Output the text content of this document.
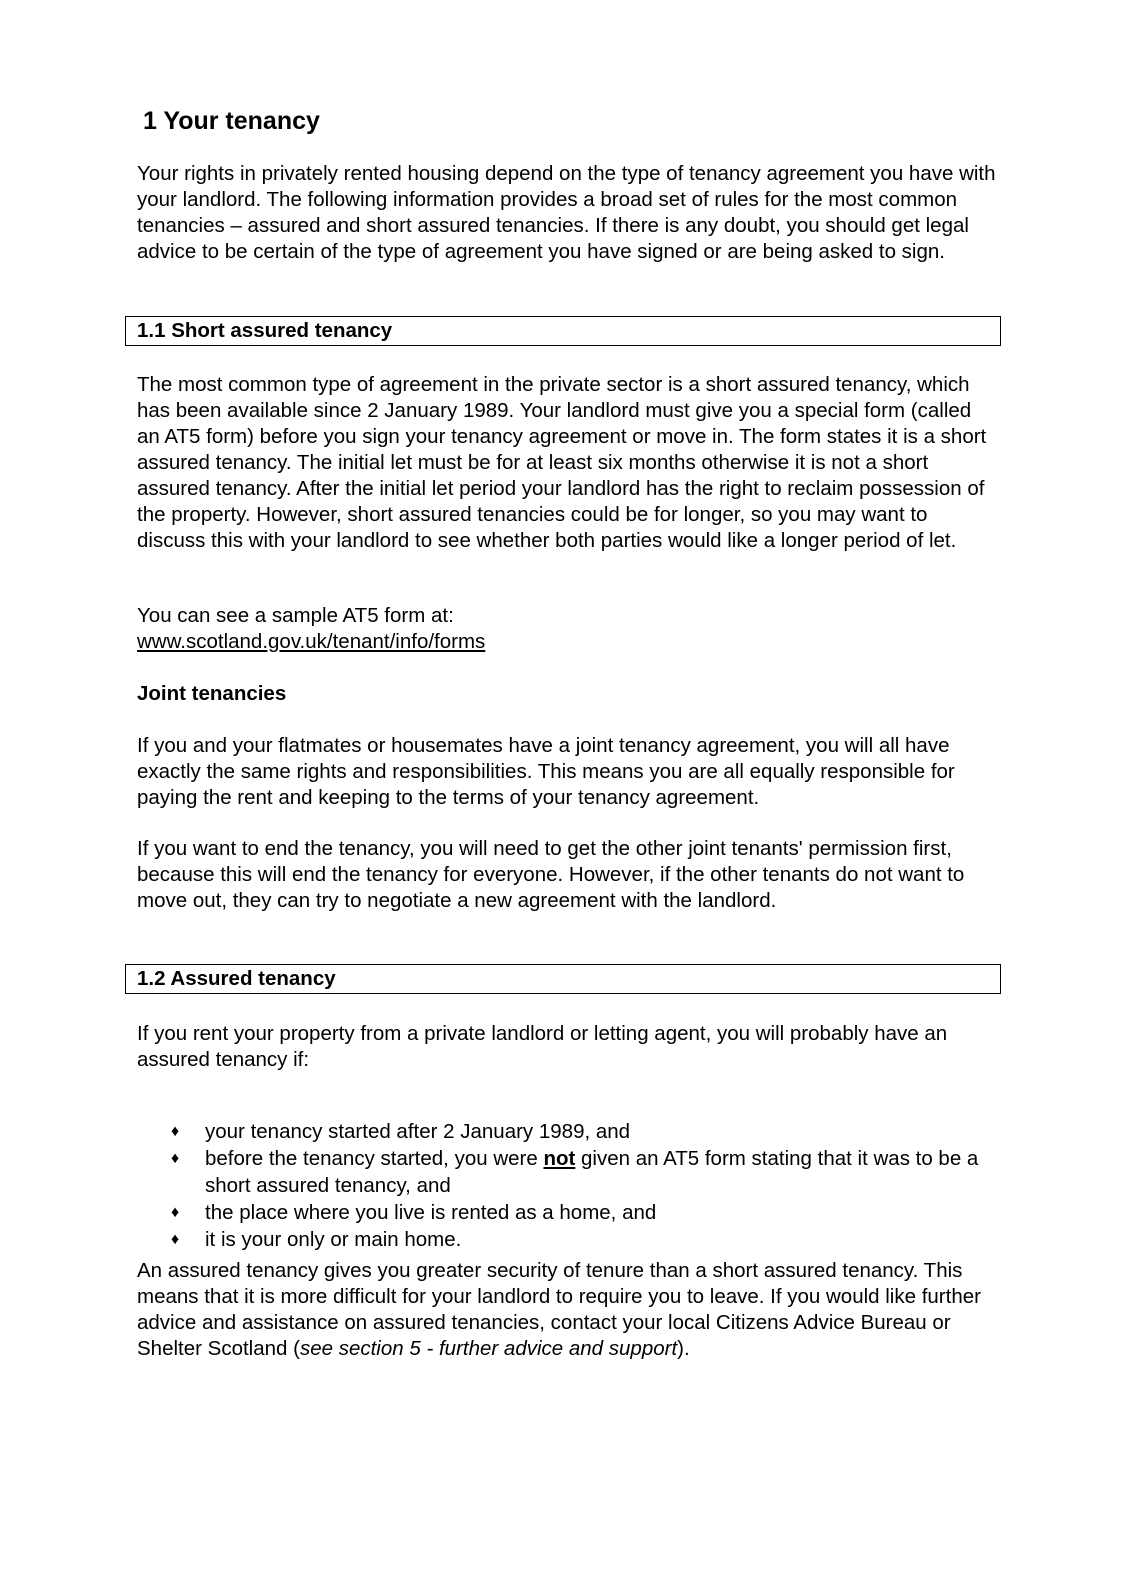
1 Your tenancy

Your rights in privately rented housing depend on the type of tenancy agreement you have with your landlord. The following information provides a broad set of rules for the most common tenancies – assured and short assured tenancies. If there is any doubt, you should get legal advice to be certain of the type of agreement you have signed or are being asked to sign.

1.1 Short assured tenancy

The most common type of agreement in the private sector is a short assured tenancy, which has been available since 2 January 1989. Your landlord must give you a special form (called an AT5 form) before you sign your tenancy agreement or move in. The form states it is a short assured tenancy. The initial let must be for at least six months otherwise it is not a short assured tenancy. After the initial let period your landlord has the right to reclaim possession of the property. However, short assured tenancies could be for longer, so you may want to discuss this with your landlord to see whether both parties would like a longer period of let.

You can see a sample AT5 form at:
www.scotland.gov.uk/tenant/info/forms

Joint tenancies

If you and your flatmates or housemates have a joint tenancy agreement, you will all have exactly the same rights and responsibilities. This means you are all equally responsible for paying the rent and keeping to the terms of your tenancy agreement.

If you want to end the tenancy, you will need to get the other joint tenants' permission first, because this will end the tenancy for everyone. However, if the other tenants do not want to move out, they can try to negotiate a new agreement with the landlord.

1.2 Assured tenancy

If you rent your property from a private landlord or letting agent, you will probably have an assured tenancy if:

♦ your tenancy started after 2 January 1989, and
♦ before the tenancy started, you were not given an AT5 form stating that it was to be a short assured tenancy, and
♦ the place where you live is rented as a home, and
♦ it is your only or main home.

An assured tenancy gives you greater security of tenure than a short assured tenancy. This means that it is more difficult for your landlord to require you to leave. If you would like further advice and assistance on assured tenancies, contact your local Citizens Advice Bureau or Shelter Scotland (see section 5 - further advice and support).
